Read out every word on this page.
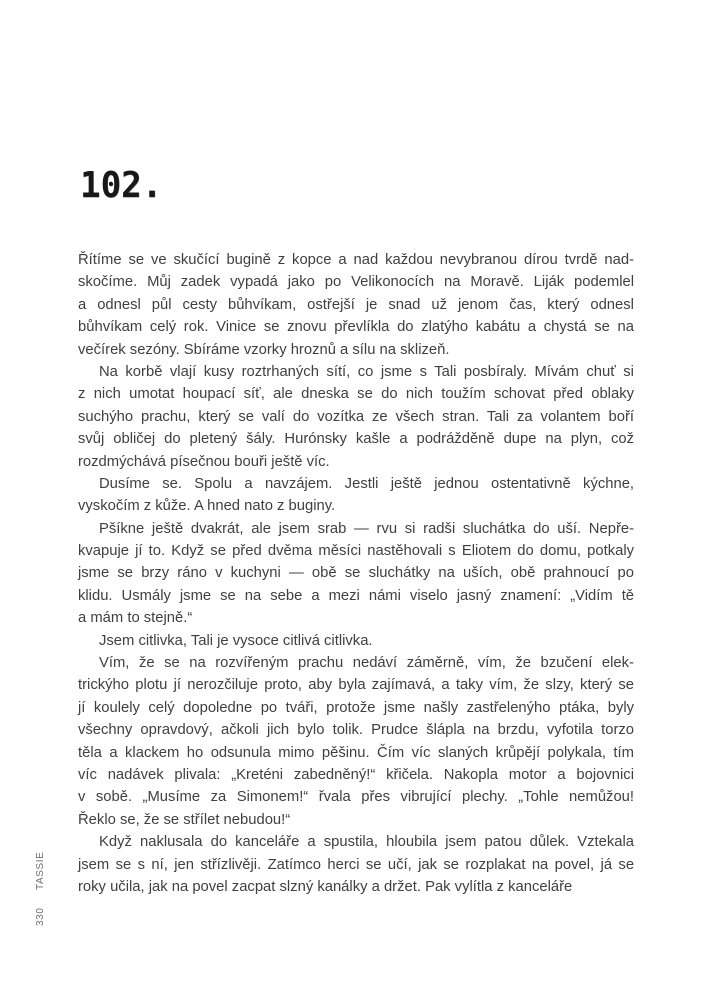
102.
Řítíme se ve skučící bugině z kopce a nad každou nevybranou dírou tvrdě nad-
skočíme. Můj zadek vypadá jako po Velikonocích na Moravě. Liják podemlel
a odnesl půl cesty bůhvíkam, ostřejší je snad už jenom čas, který odnesl
bůhvíkam celý rok. Vinice se znovu převlíkla do zlatýho kabátu a chystá se na
večírek sezóny. Sbíráme vzorky hroznů a sílu na sklizeň.
Na korbě vlají kusy roztrhaných sítí, co jsme s Tali posbíraly. Mívám chuť si
z nich umotat houpací síť, ale dneska se do nich toužím schovat před oblaky
suchýho prachu, který se valí do vozítka ze všech stran. Tali za volantem boří
svůj obličej do pletený šály. Hurónsky kašle a podrážděně dupe na plyn, což
rozdmýchává písečnou bouři ještě víc.
Dusíme se. Spolu a navzájem. Jestli ještě jednou ostentativně kýchne,
vyskočím z kůže. A hned nato z buginy.
Pšíkne ještě dvakrát, ale jsem srab — rvu si radši sluchátka do uší. Nepře-
kvapuje jí to. Když se před dvěma měsíci nastěhovali s Eliotem do domu, potkaly
jsme se brzy ráno v kuchyni — obě se sluchátky na uších, obě prahnoucí po
klidu. Usmály jsme se na sebe a mezi námi viselo jasný znamení: „Vidím tě
a mám to stejně.“
Jsem citlivka, Tali je vysoce citlivá citlivka.
Vím, že se na rozvířeným prachu nedáví záměrně, vím, že bzučení elek-
trickýho plotu jí nerozčiluje proto, aby byla zajímavá, a taky vím, že slzy, který se
jí koulely celý dopoledne po tváři, protože jsme našly zastřelenýho ptáka, byly
všechny opravdový, ačkoli jich bylo tolik. Prudce šlápla na brzdu, vyfotila torzo
těla a klackem ho odsunula mimo pěšinu. Čím víc slaných krůpějí polykala, tím
víc nadávek plivala: „Kreténi zabedněný!“ křičela. Nakopla motor a bojovnici
v sobě. „Musíme za Simonem!“ řvala přes vibrující plechy. „Tohle nemůžou!
Řeklo se, že se střílet nebudou!“
Když naklusala do kanceláře a spustila, hloubila jsem patou důlek. Vztekala
jsem se s ní, jen střízlivěji. Zatímco herci se učí, jak se rozplakat na povel, já se
roky učila, jak na povel zacpat slzný kanálky a držet. Pak vylítla z kanceláře
TASSIE
330
